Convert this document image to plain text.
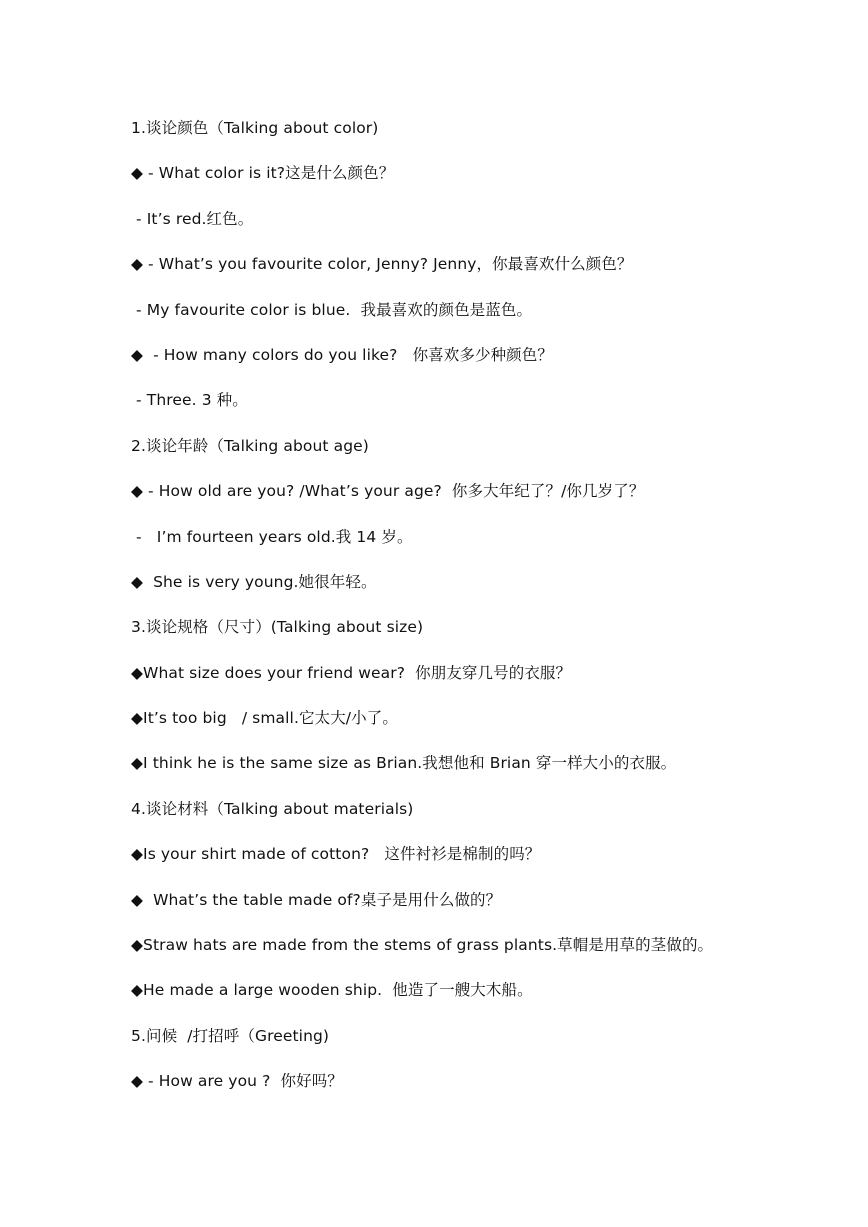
1.谈论颜色（Talking about color)
◆ - What color is it?这是什么颜色？
- It’s red.红色。
◆ - What’s you favourite color, Jenny? Jenny，你最喜欢什么颜色？
- My favourite color is blue.  我最喜欢的颜色是蓝色。
◆  - How many colors do you like?   你喜欢多少种颜色？
- Three. 3 种。
2.谈论年龄（Talking about age)
◆ - How old are you? /What’s your age?  你多大年纪了？/你几岁了？
-   I’m fourteen years old.我 14 岁。
◆  She is very young.她很年轻。
3.谈论规格（尺寸）(Talking about size)
◆What size does your friend wear?  你朋友穿几号的衣服？
◆It’s too big   / small.它太大/小了。
◆I think he is the same size as Brian.我想他和 Brian 穿一样大小的衣服。
4.谈论材料（Talking about materials)
◆Is your shirt made of cotton?   这件衬衫是棉制的吗？
◆  What’s the table made of?桌子是用什么做的？
◆Straw hats are made from the stems of grass plants.草帽是用草的茎做的。
◆He made a large wooden ship.  他造了一艘大木船。
5.问候  /打招呼（Greeting)
◆ - How are you ?  你好吗？
